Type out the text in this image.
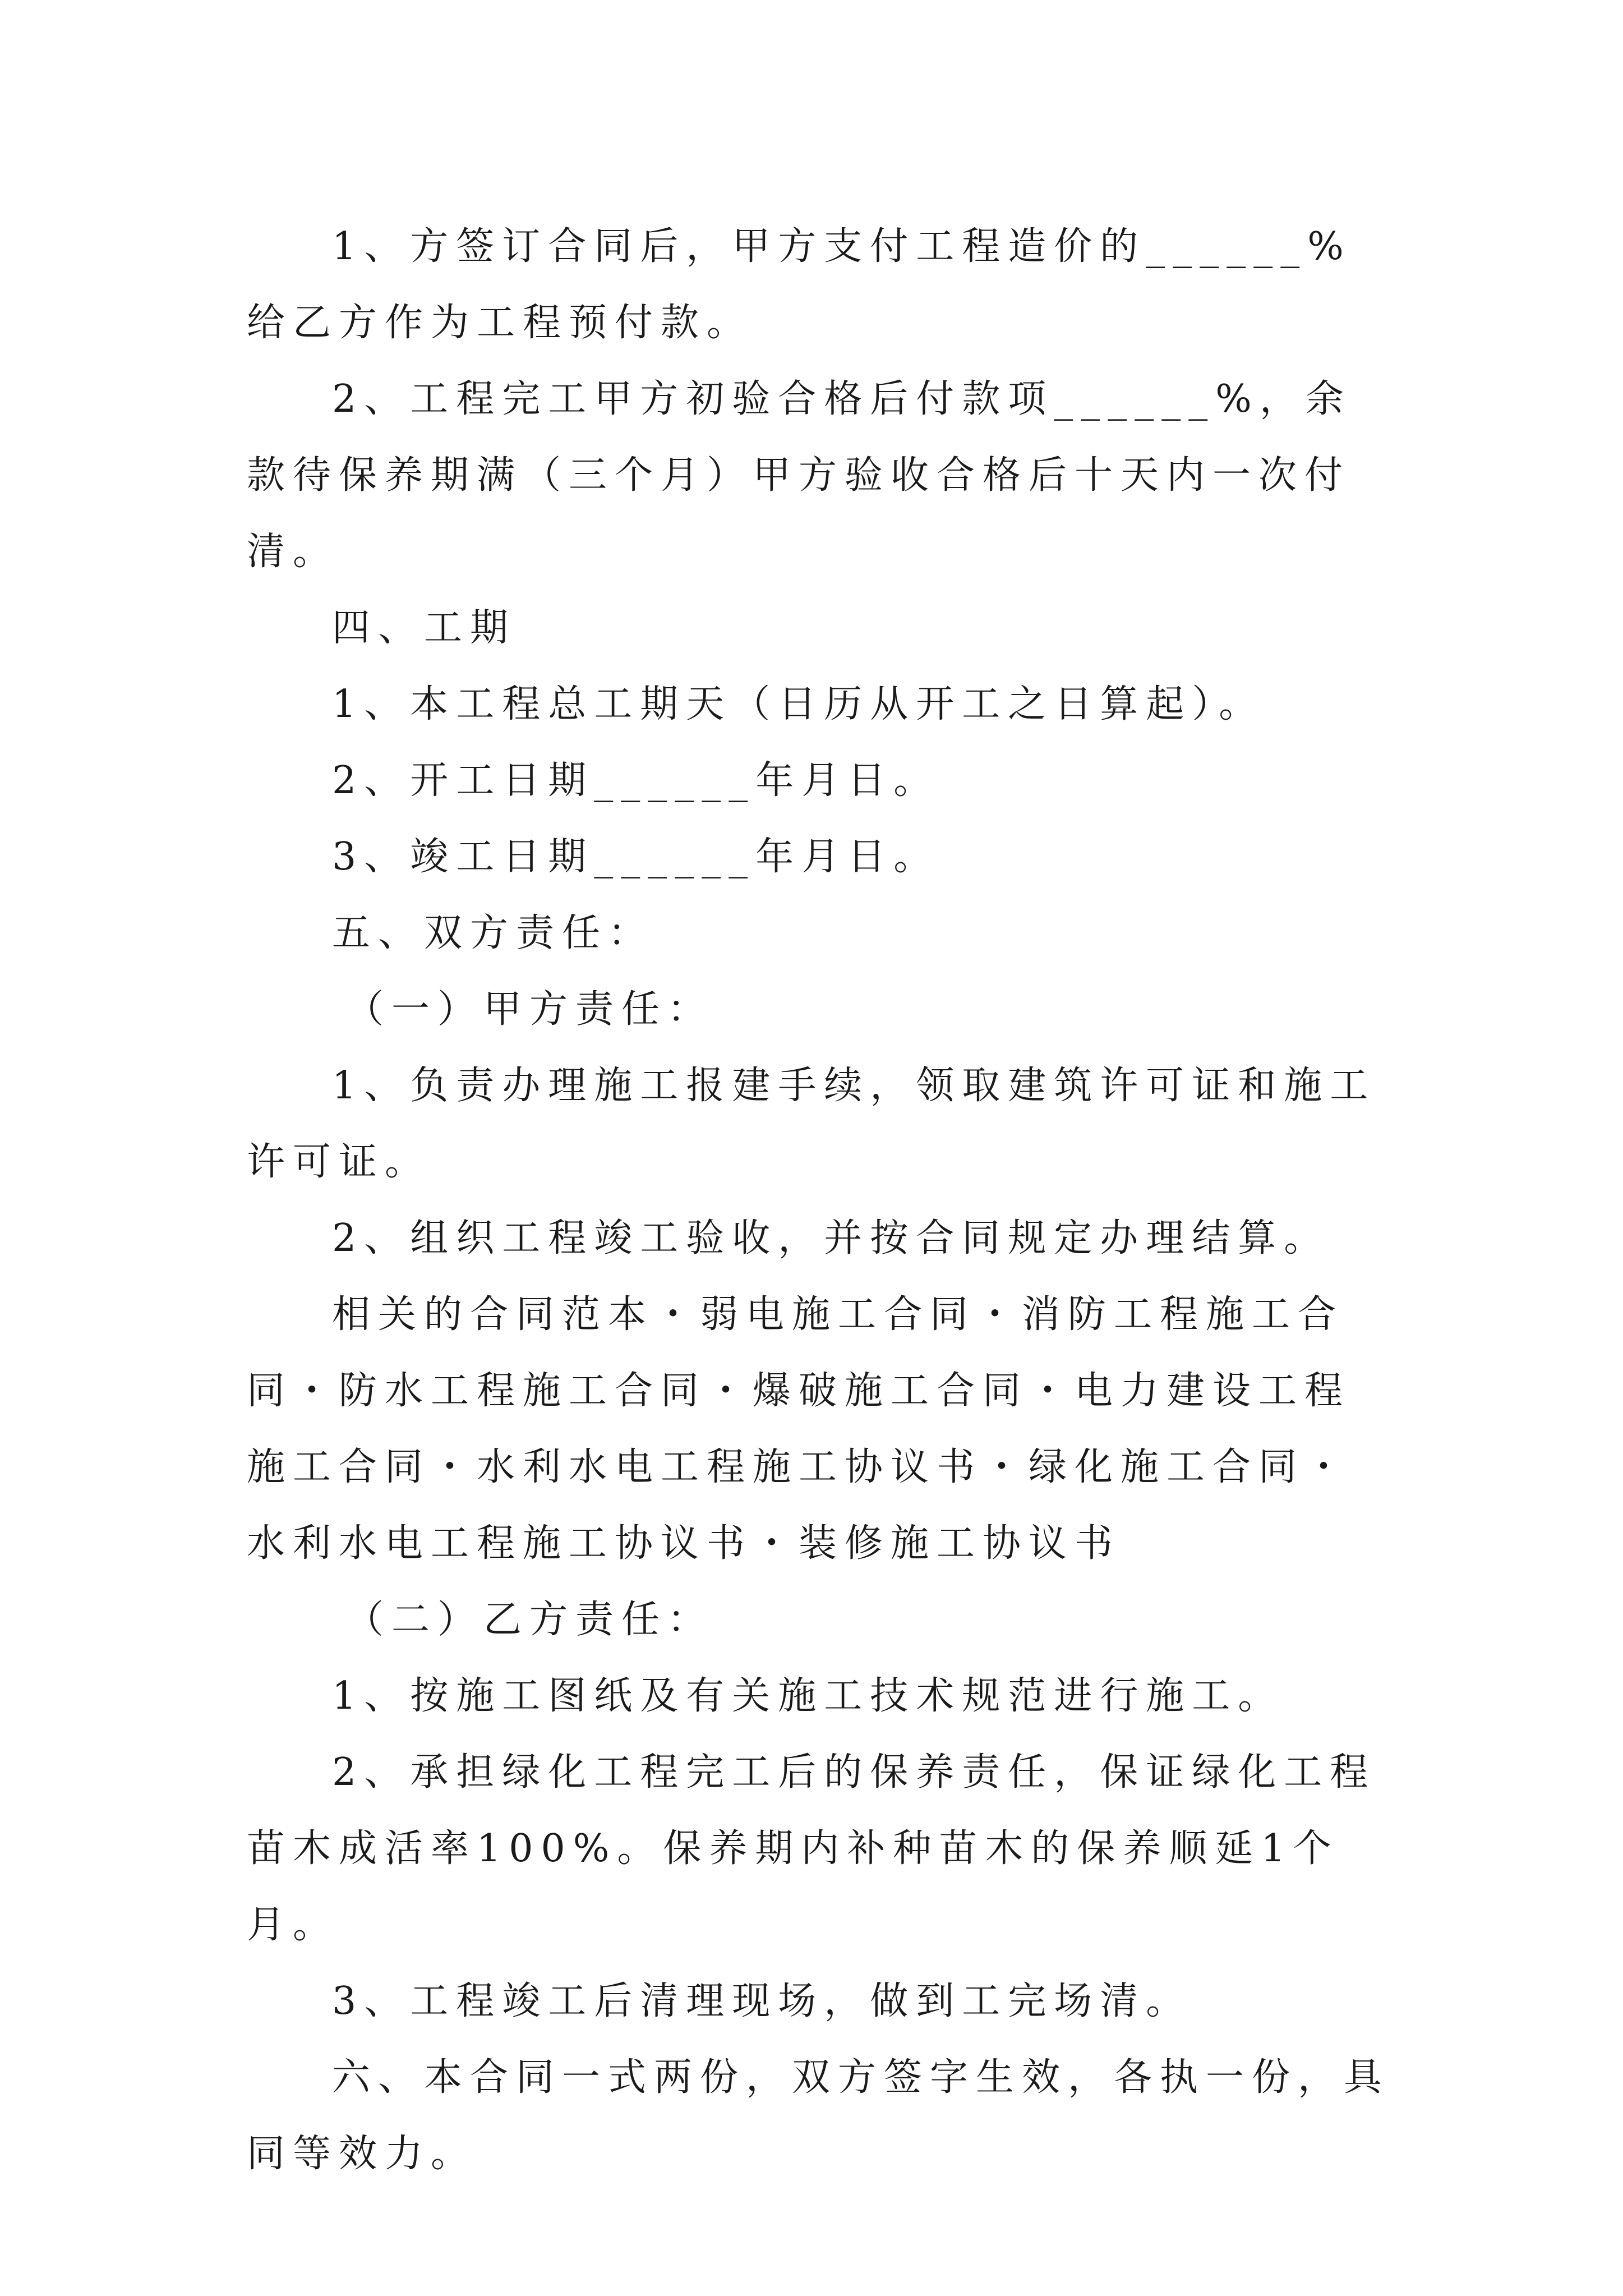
1、方签订合同后，甲方支付工程造价的______%给乙方作为工程预付款。

2、工程完工甲方初验合格后付款项______%，余款待保养期满（三个月）甲方验收合格后十天内一次付清。

四、工期

1、本工程总工期天（日历从开工之日算起）。

2、开工日期______年月日。

3、竣工日期______年月日。

五、双方责任：

（一）甲方责任：

1、负责办理施工报建手续，领取建筑许可证和施工许可证。

2、组织工程竣工验收，并按合同规定办理结算。

相关的合同范本・弱电施工合同・消防工程施工合同・防水工程施工合同・爆破施工合同・电力建设工程施工合同・水利水电工程施工协议书・绿化施工合同・水利水电工程施工协议书・装修施工协议书

（二）乙方责任：

1、按施工图纸及有关施工技术规范进行施工。

2、承担绿化工程完工后的保养责任，保证绿化工程苗木成活率100%。保养期内补种苗木的保养顺延1个月。

3、工程竣工后清理现场，做到工完场清。

六、本合同一式两份，双方签字生效，各执一份，具同等效力。
